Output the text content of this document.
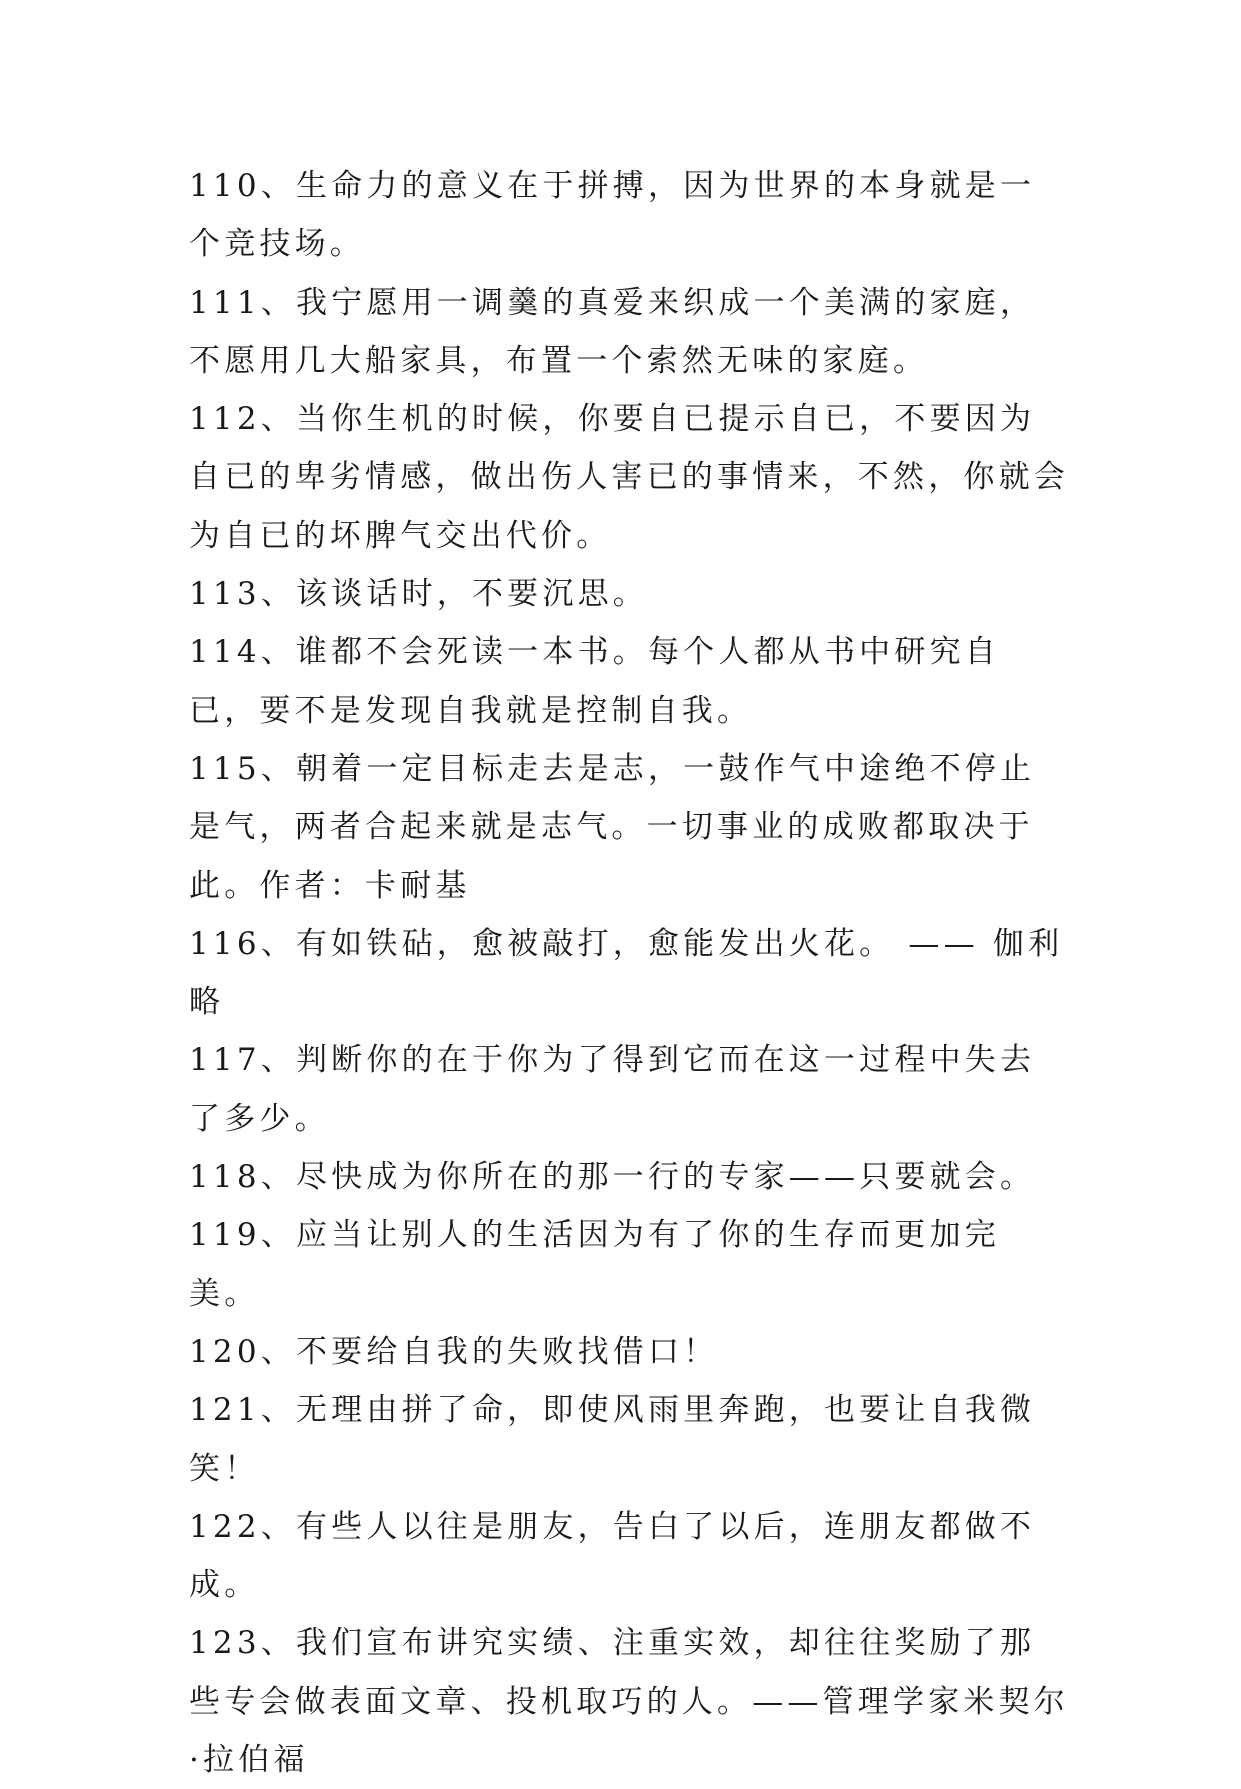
110、生命力的意义在于拼搏，因为世界的本身就是一个竞技场。

111、我宁愿用一调羹的真爱来织成一个美满的家庭，不愿用几大船家具，布置一个索然无味的家庭。

112、当你生机的时候，你要自已提示自已，不要因为自已的卑劣情感，做出伤人害已的事情来，不然，你就会为自已的坏脾气交出代价。

113、该谈话时，不要沉思。

114、谁都不会死读一本书。每个人都从书中研究自已，要不是发现自我就是控制自我。

115、朝着一定目标走去是志，一鼓作气中途绝不停止是气，两者合起来就是志气。一切事业的成败都取决于此。作者：卡耐基

116、有如铁砧，愈被敲打，愈能发出火花。 —— 伽利略

117、判断你的在于你为了得到它而在这一过程中失去了多少。

118、尽快成为你所在的那一行的专家——只要就会。

119、应当让别人的生活因为有了你的生存而更加完美。

120、不要给自我的失败找借口！

121、无理由拼了命，即使风雨里奔跑，也要让自我微笑！

122、有些人以往是朋友，告白了以后，连朋友都做不成。

123、我们宣布讲究实绩、注重实效，却往往奖励了那些专会做表面文章、投机取巧的人。——管理学家米契尔·拉伯福
